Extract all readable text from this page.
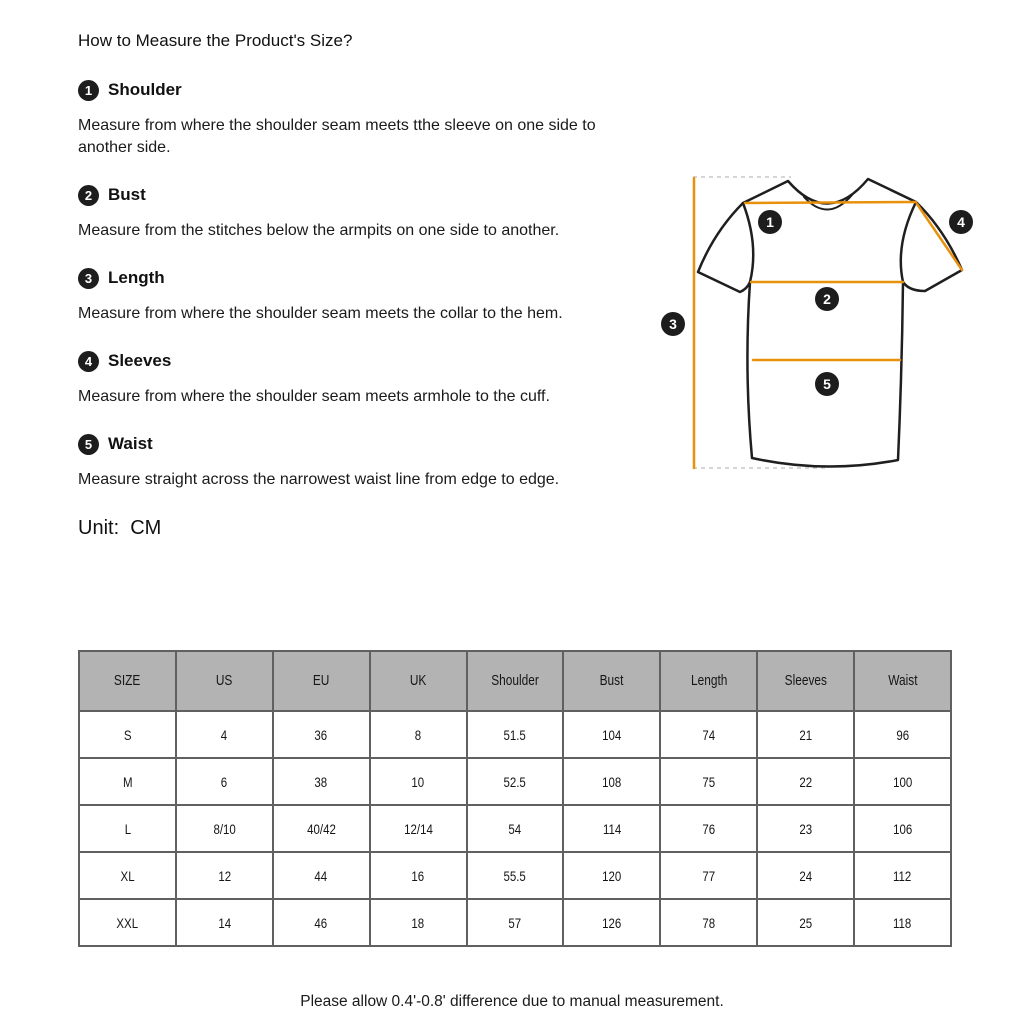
How to Measure the Product's Size?

1 Shoulder

Measure from where the shoulder seam meets tthe sleeve on one side to another side.

2 Bust

Measure from the stitches below the armpits on one side to another.

3 Length

Measure from where the shoulder seam meets the collar to the hem.

4 Sleeves

Measure from where the shoulder seam meets armhole to the cuff.

5 Waist

Measure straight across the narrowest waist line from edge to edge.

Unit:  CM

1
2
3
4
5
SIZE	US	EU	UK	Shoulder	Bust	Length	Sleeves	Waist
S	4	36	8	51.5	104	74	21	96
M	6	38	10	52.5	108	75	22	100
L	8/10	40/42	12/14	54	114	76	23	106
XL	12	44	16	55.5	120	77	24	112
XXL	14	46	18	57	126	78	25	118

Please allow 0.4'-0.8' difference due to manual measurement.
